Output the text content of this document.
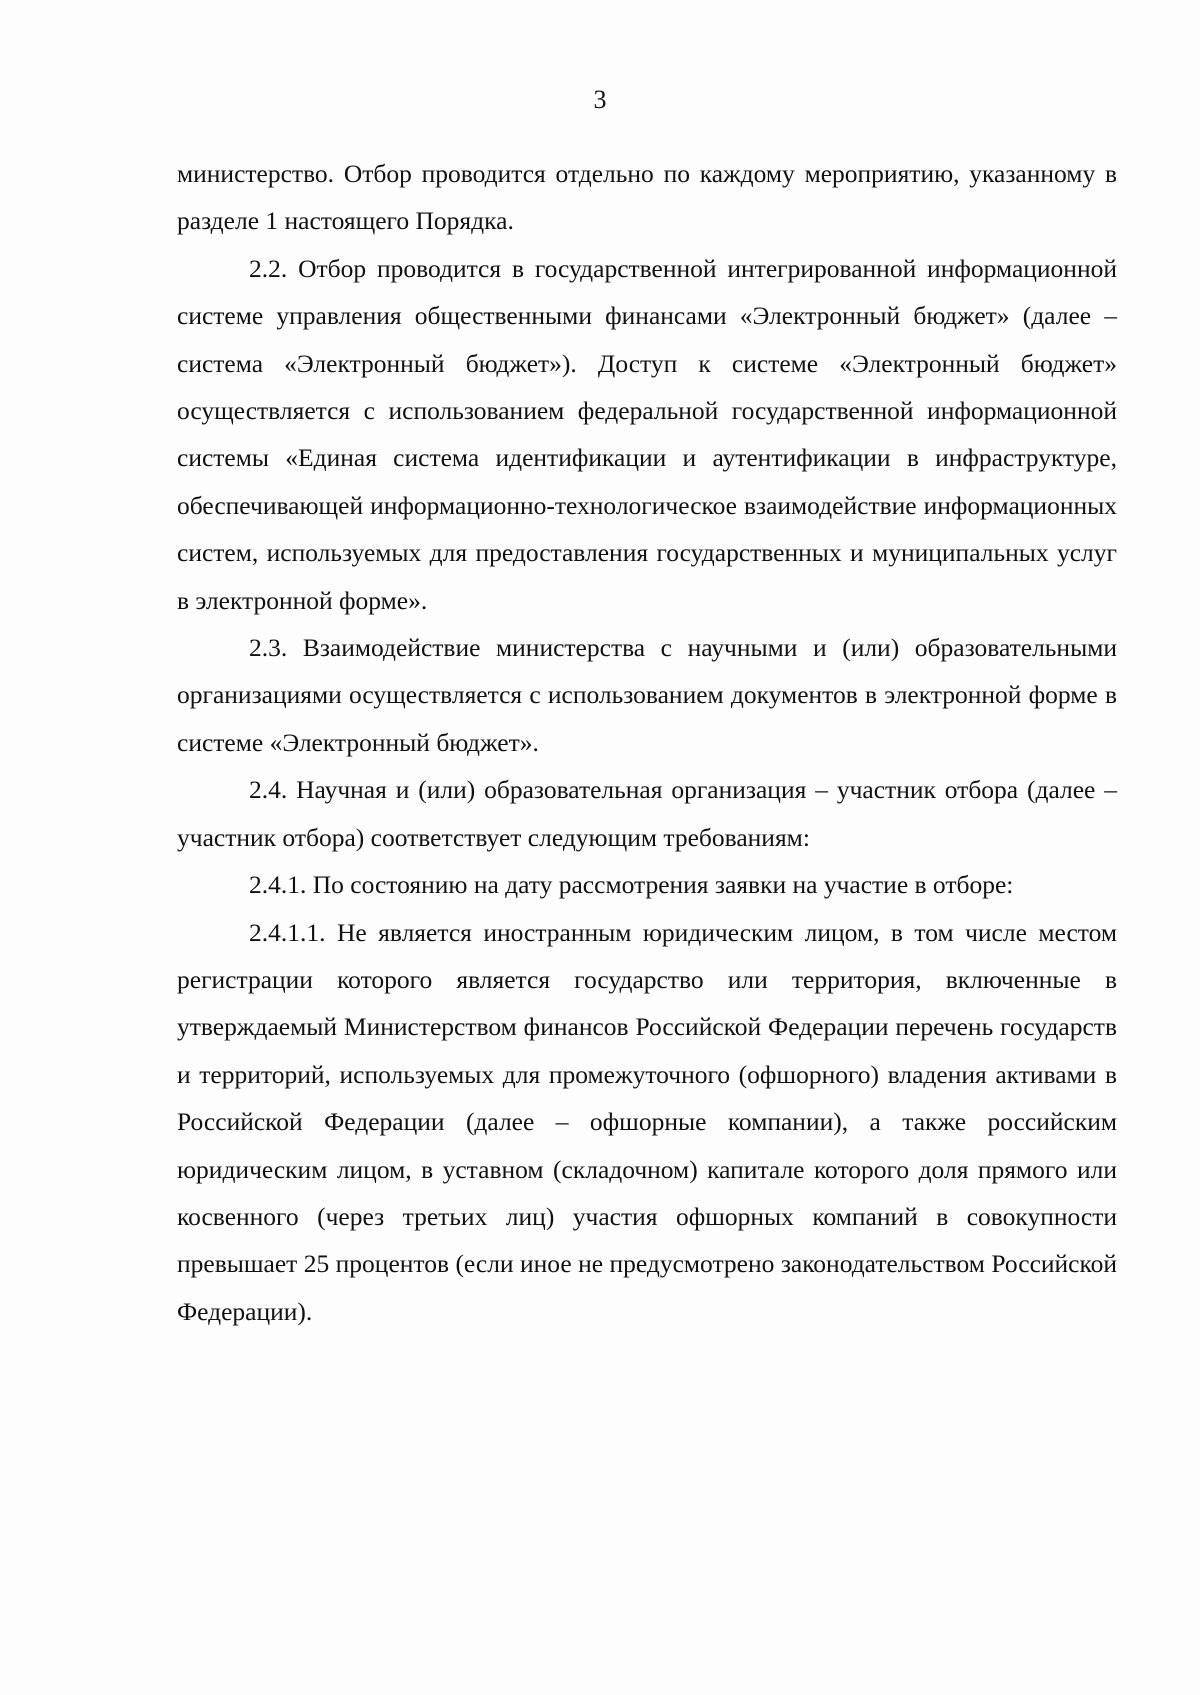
3

министерство. Отбор проводится отдельно по каждому мероприятию, указанному в разделе 1 настоящего Порядка.

2.2. Отбор проводится в государственной интегрированной информационной системе управления общественными финансами «Электронный бюджет» (далее – система «Электронный бюджет»). Доступ к системе «Электронный бюджет» осуществляется с использованием федеральной государственной информационной системы «Единая система идентификации и аутентификации в инфраструктуре, обеспечивающей информационно-технологическое взаимодействие информационных систем, используемых для предоставления государственных и муниципальных услуг в электронной форме».

2.3. Взаимодействие министерства с научными и (или) образовательными организациями осуществляется с использованием документов в электронной форме в системе «Электронный бюджет».

2.4. Научная и (или) образовательная организация – участник отбора (далее – участник отбора) соответствует следующим требованиям:

2.4.1. По состоянию на дату рассмотрения заявки на участие в отборе:

2.4.1.1. Не является иностранным юридическим лицом, в том числе местом регистрации которого является государство или территория, включенные в утверждаемый Министерством финансов Российской Федерации перечень государств и территорий, используемых для промежуточного (офшорного) владения активами в Российской Федерации (далее – офшорные компании), а также российским юридическим лицом, в уставном (складочном) капитале которого доля прямого или косвенного (через третьих лиц) участия офшорных компаний в совокупности превышает 25 процентов (если иное не предусмотрено законодательством Российской Федерации).
